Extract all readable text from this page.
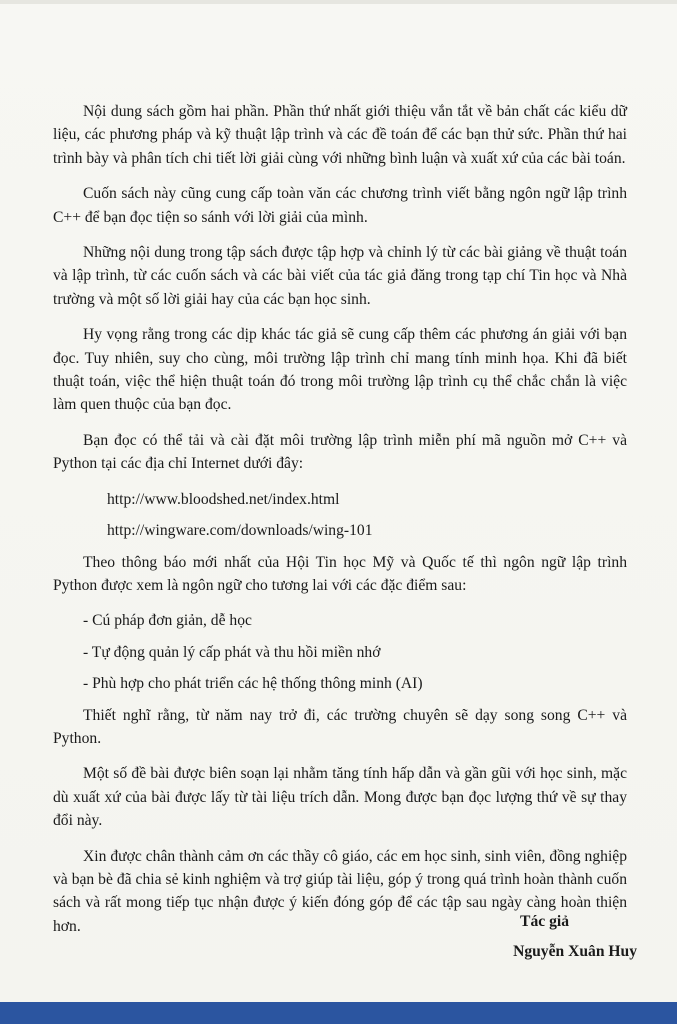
Nội dung sách gồm hai phần. Phần thứ nhất giới thiệu vắn tắt về bản chất các kiểu dữ liệu, các phương pháp và kỹ thuật lập trình và các đề toán để các bạn thử sức. Phần thứ hai trình bày và phân tích chi tiết lời giải cùng với những bình luận và xuất xứ của các bài toán.

Cuốn sách này cũng cung cấp toàn văn các chương trình viết bằng ngôn ngữ lập trình C++ để bạn đọc tiện so sánh với lời giải của mình.

Những nội dung trong tập sách được tập hợp và chỉnh lý từ các bài giảng về thuật toán và lập trình, từ các cuốn sách và các bài viết của tác giả đăng trong tạp chí Tin học và Nhà trường và một số lời giải hay của các bạn học sinh.

Hy vọng rằng trong các dịp khác tác giả sẽ cung cấp thêm các phương án giải với bạn đọc. Tuy nhiên, suy cho cùng, môi trường lập trình chỉ mang tính minh họa. Khi đã biết thuật toán, việc thể hiện thuật toán đó trong môi trường lập trình cụ thể chắc chắn là việc làm quen thuộc của bạn đọc.

Bạn đọc có thể tải và cài đặt môi trường lập trình miễn phí mã nguồn mở C++ và Python tại các địa chỉ Internet dưới đây:

http://www.bloodshed.net/index.html

http://wingware.com/downloads/wing-101

Theo thông báo mới nhất của Hội Tin học Mỹ và Quốc tế thì ngôn ngữ lập trình Python được xem là ngôn ngữ cho tương lai với các đặc điểm sau:

- Cú pháp đơn giản, dễ học

- Tự động quản lý cấp phát và thu hồi miền nhớ

- Phù hợp cho phát triển các hệ thống thông minh (AI)

Thiết nghĩ rằng, từ năm nay trở đi, các trường chuyên sẽ dạy song song C++ và Python.

Một số đề bài được biên soạn lại nhằm tăng tính hấp dẫn và gần gũi với học sinh, mặc dù xuất xứ của bài được lấy từ tài liệu trích dẫn. Mong được bạn đọc lượng thứ về sự thay đổi này.

Xin được chân thành cảm ơn các thầy cô giáo, các em học sinh, sinh viên, đồng nghiệp và bạn bè đã chia sẻ kinh nghiệm và trợ giúp tài liệu, góp ý trong quá trình hoàn thành cuốn sách và rất mong tiếp tục nhận được ý kiến đóng góp để các tập sau ngày càng hoàn thiện hơn.	Tác giả
Nguyễn Xuân Huy
